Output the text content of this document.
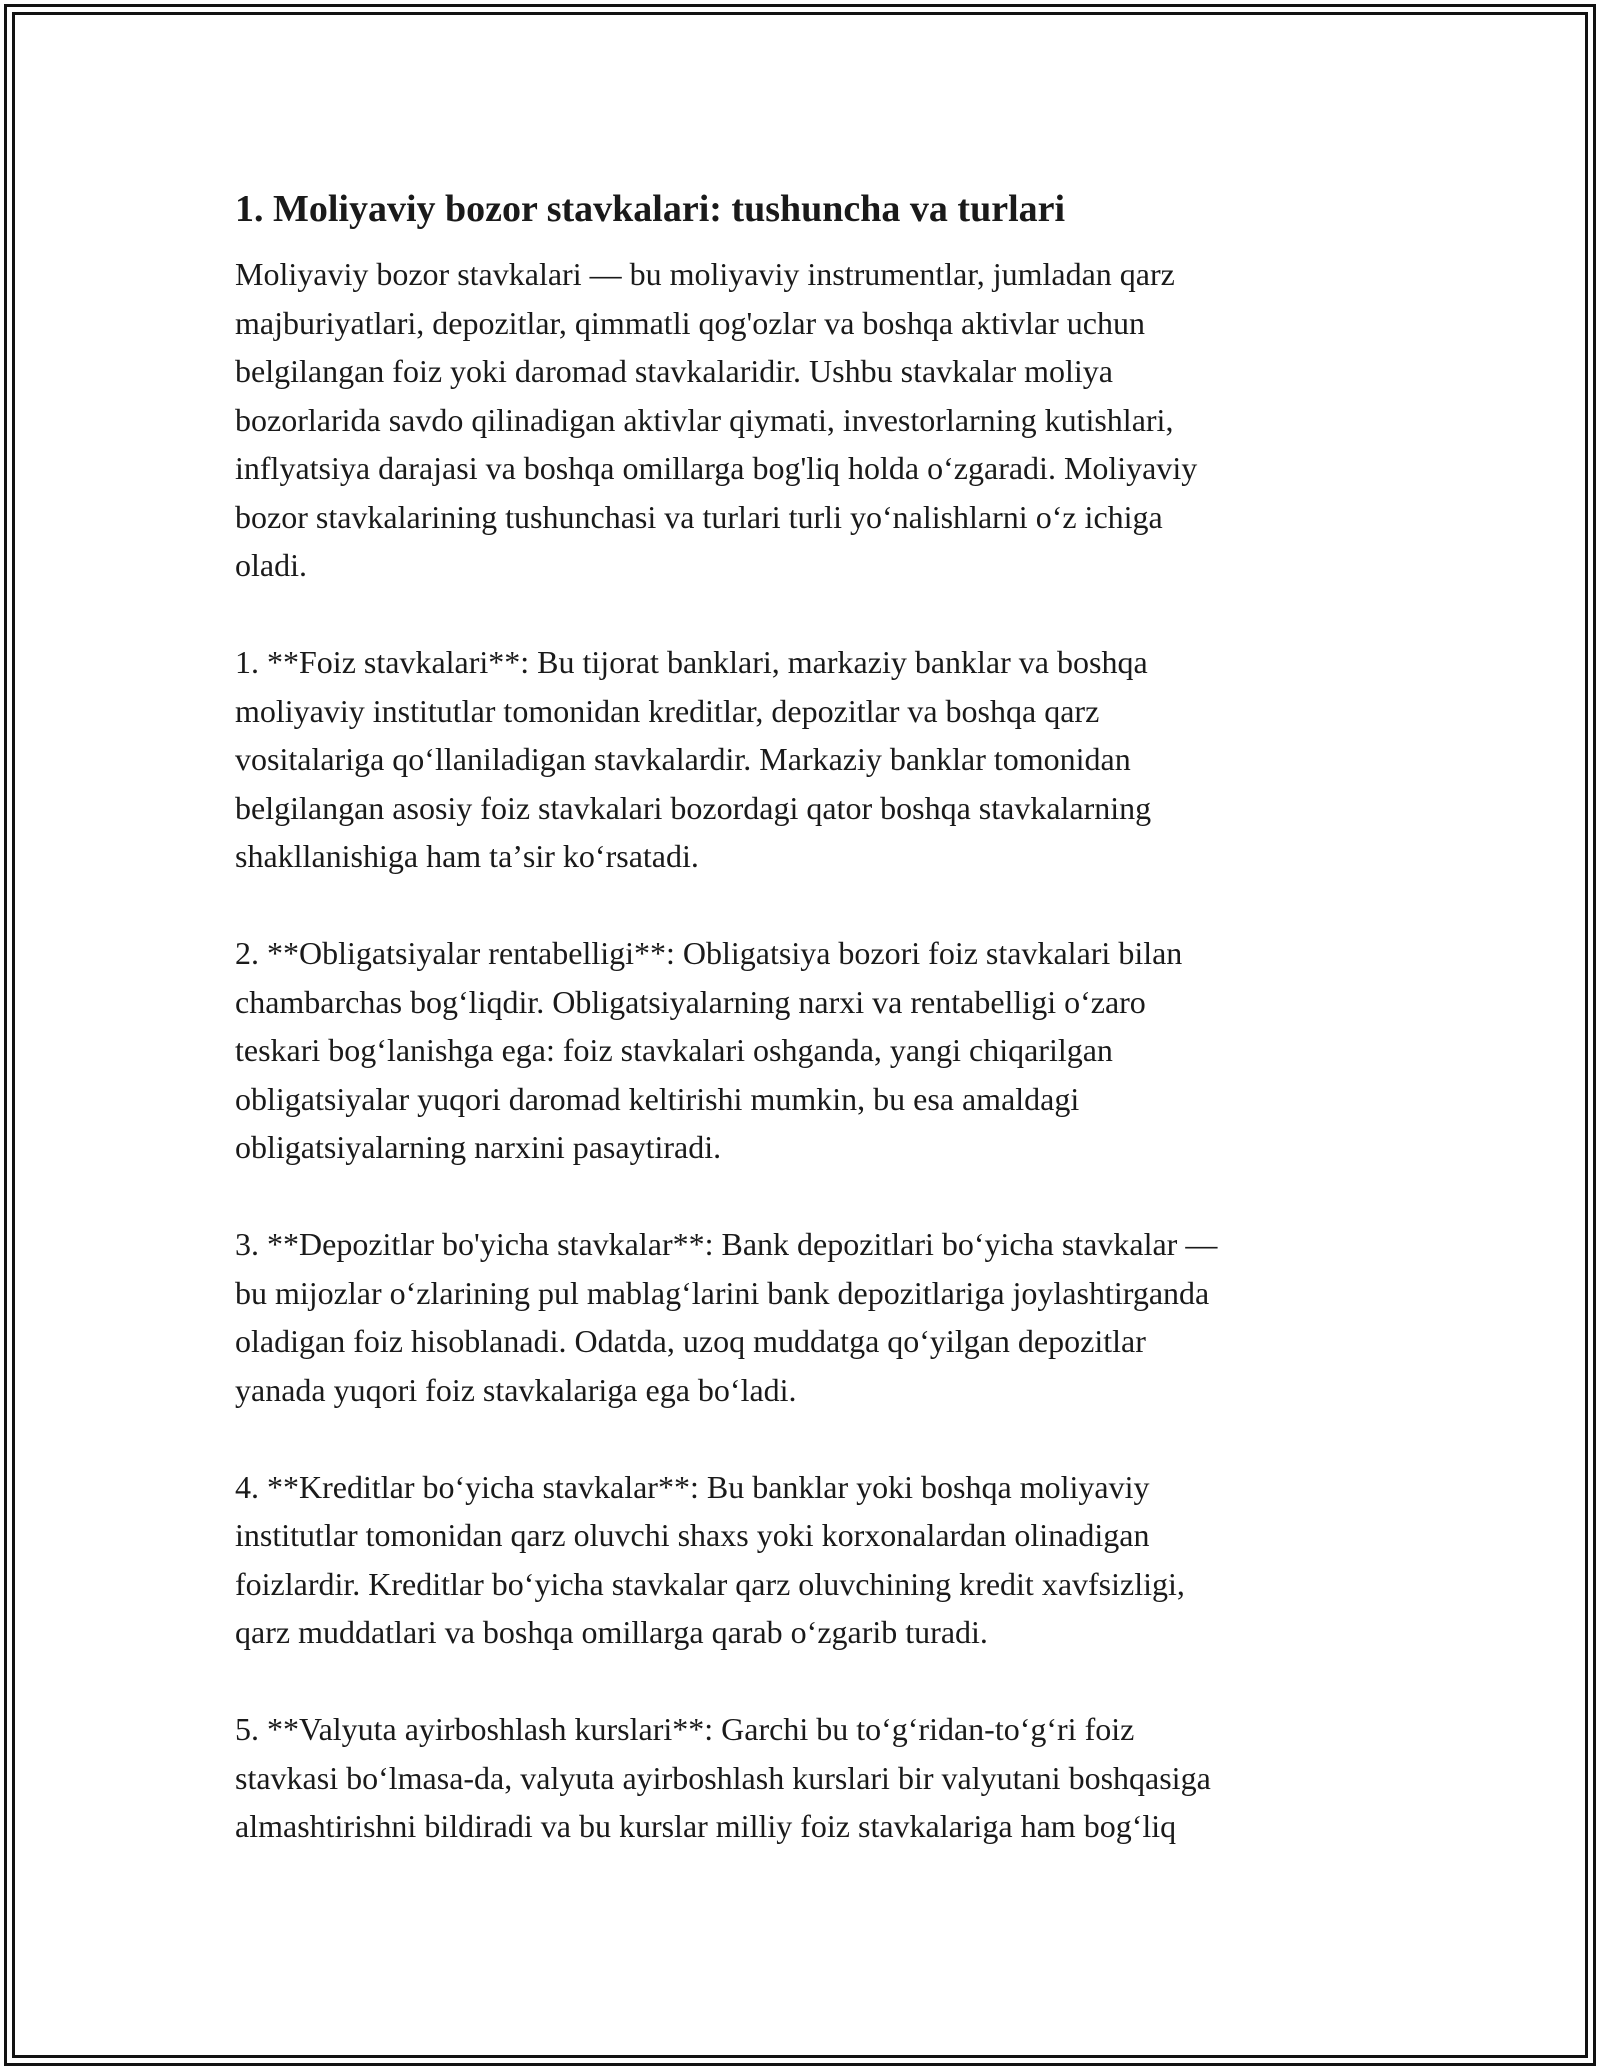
1. Moliyaviy bozor stavkalari: tushuncha va turlari

Moliyaviy bozor stavkalari — bu moliyaviy instrumentlar, jumladan qarz
majburiyatlari, depozitlar, qimmatli qog'ozlar va boshqa aktivlar uchun
belgilangan foiz yoki daromad stavkalaridir. Ushbu stavkalar moliya
bozorlarida savdo qilinadigan aktivlar qiymati, investorlarning kutishlari,
inflyatsiya darajasi va boshqa omillarga bog'liq holda oʻzgaradi. Moliyaviy
bozor stavkalarining tushunchasi va turlari turli yoʻnalishlarni oʻz ichiga
oladi.

1. **Foiz stavkalari**: Bu tijorat banklari, markaziy banklar va boshqa
moliyaviy institutlar tomonidan kreditlar, depozitlar va boshqa qarz
vositalariga qoʻllaniladigan stavkalardir. Markaziy banklar tomonidan
belgilangan asosiy foiz stavkalari bozordagi qator boshqa stavkalarning
shakllanishiga ham taʼsir koʻrsatadi.

2. **Obligatsiyalar rentabelligi**: Obligatsiya bozori foiz stavkalari bilan
chambarchas bogʻliqdir. Obligatsiyalarning narxi va rentabelligi oʻzaro
teskari bogʻlanishga ega: foiz stavkalari oshganda, yangi chiqarilgan
obligatsiyalar yuqori daromad keltirishi mumkin, bu esa amaldagi
obligatsiyalarning narxini pasaytiradi.

3. **Depozitlar bo'yicha stavkalar**: Bank depozitlari boʻyicha stavkalar —
bu mijozlar oʻzlarining pul mablagʻlarini bank depozitlariga joylashtirganda
oladigan foiz hisoblanadi. Odatda, uzoq muddatga qoʻyilgan depozitlar
yanada yuqori foiz stavkalariga ega boʻladi.

4. **Kreditlar boʻyicha stavkalar**: Bu banklar yoki boshqa moliyaviy
institutlar tomonidan qarz oluvchi shaxs yoki korxonalardan olinadigan
foizlardir. Kreditlar boʻyicha stavkalar qarz oluvchining kredit xavfsizligi,
qarz muddatlari va boshqa omillarga qarab oʻzgarib turadi.

5. **Valyuta ayirboshlash kurslari**: Garchi bu toʻgʻridan-toʻgʻri foiz
stavkasi boʻlmasa-da, valyuta ayirboshlash kurslari bir valyutani boshqasiga
almashtirishni bildiradi va bu kurslar milliy foiz stavkalariga ham bogʻliq
